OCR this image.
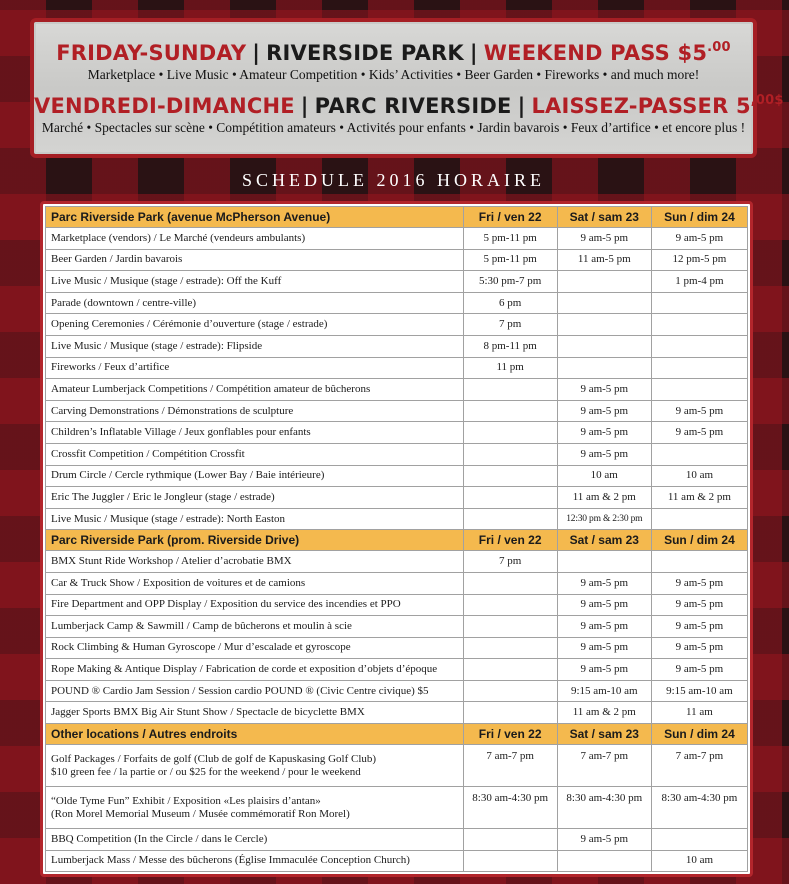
FRIDAY-SUNDAY | RIVERSIDE PARK | WEEKEND PASS $\$5^{.00}$
Marketplace • Live Music • Amateur Competition • Kids’ Activities • Beer Garden • Fireworks • and much more!
VENDREDI-DIMANCHE | PARC RIVERSIDE | LAISSEZ-PASSER $5^{,00\$}$
Marché • Spectacles sur scène • Compétition amateurs • Activités pour enfants • Jardin bavarois • Feux d’artifice • et encore plus !
SCHEDULE 2016 HORAIRE
Parc Riverside Park (avenue McPherson Avenue)	Fri / ven 22	Sat / sam 23	Sun / dim 24

Marketplace (vendors) / Le Marché (vendeurs ambulants)	5 pm-11 pm	9 am-5 pm	9 am-5 pm

Beer Garden / Jardin bavarois	5 pm-11 pm	11 am-5 pm	12 pm-5 pm

Live Music / Musique (stage / estrade): Off the Kuff	5:30 pm-7 pm		1 pm-4 pm

Parade (downtown / centre-ville)	6 pm		

Opening Ceremonies / Cérémonie d’ouverture (stage / estrade)	7 pm		

Live Music / Musique (stage / estrade): Flipside	8 pm-11 pm		

Fireworks / Feux d’artifice	11 pm		

Amateur Lumberjack Competitions / Compétition amateur de bûcherons		9 am-5 pm	

Carving Demonstrations / Démonstrations de sculpture		9 am-5 pm	9 am-5 pm

Children’s Inflatable Village / Jeux gonflables pour enfants		9 am-5 pm	9 am-5 pm

Crossfit Competition / Compétition Crossfit		9 am-5 pm	

Drum Circle / Cercle rythmique (Lower Bay / Baie intérieure)		10 am	10 am

Eric The Juggler / Eric le Jongleur (stage / estrade)		11 am & 2 pm	11 am & 2 pm

Live Music / Musique (stage / estrade): North Easton		12:30 pm & 2:30 pm	
Parc Riverside Park (prom. Riverside Drive)	Fri / ven 22	Sat / sam 23	Sun / dim 24

BMX Stunt Ride Workshop / Atelier d’acrobatie BMX	7 pm		

Car & Truck Show / Exposition de voitures et de camions		9 am-5 pm	9 am-5 pm

Fire Department and OPP Display / Exposition du service des incendies et PPO		9 am-5 pm	9 am-5 pm

Lumberjack Camp & Sawmill / Camp de bûcherons et moulin à scie		9 am-5 pm	9 am-5 pm

Rock Climbing & Human Gyroscope / Mur d’escalade et gyroscope		9 am-5 pm	9 am-5 pm

Rope Making & Antique Display / Fabrication de corde et exposition d’objets d’époque		9 am-5 pm	9 am-5 pm

POUND ® Cardio Jam Session / Session cardio POUND ® (Civic Centre civique) $5		9:15 am-10 am	9:15 am-10 am

Jagger Sports BMX Big Air Stunt Show / Spectacle de bicyclette BMX		11 am & 2 pm	11 am
Other locations / Autres endroits	Fri / ven 22	Sat / sam 23	Sun / dim 24

Golf Packages / Forfaits de golf (Club de golf de Kapuskasing Golf Club)
$10 green fee / la partie or / ou $25 for the weekend / pour le weekend	7 am-7 pm	7 am-7 pm	7 am-7 pm

“Olde Tyme Fun” Exhibit / Exposition «Les plaisirs d’antan»
(Ron Morel Memorial Museum / Musée commémoratif Ron Morel)	8:30 am-4:30 pm	8:30 am-4:30 pm	8:30 am-4:30 pm

BBQ Competition (In the Circle / dans le Cercle)		9 am-5 pm	

Lumberjack Mass / Messe des bûcherons (Église Immaculée Conception Church)			10 am
